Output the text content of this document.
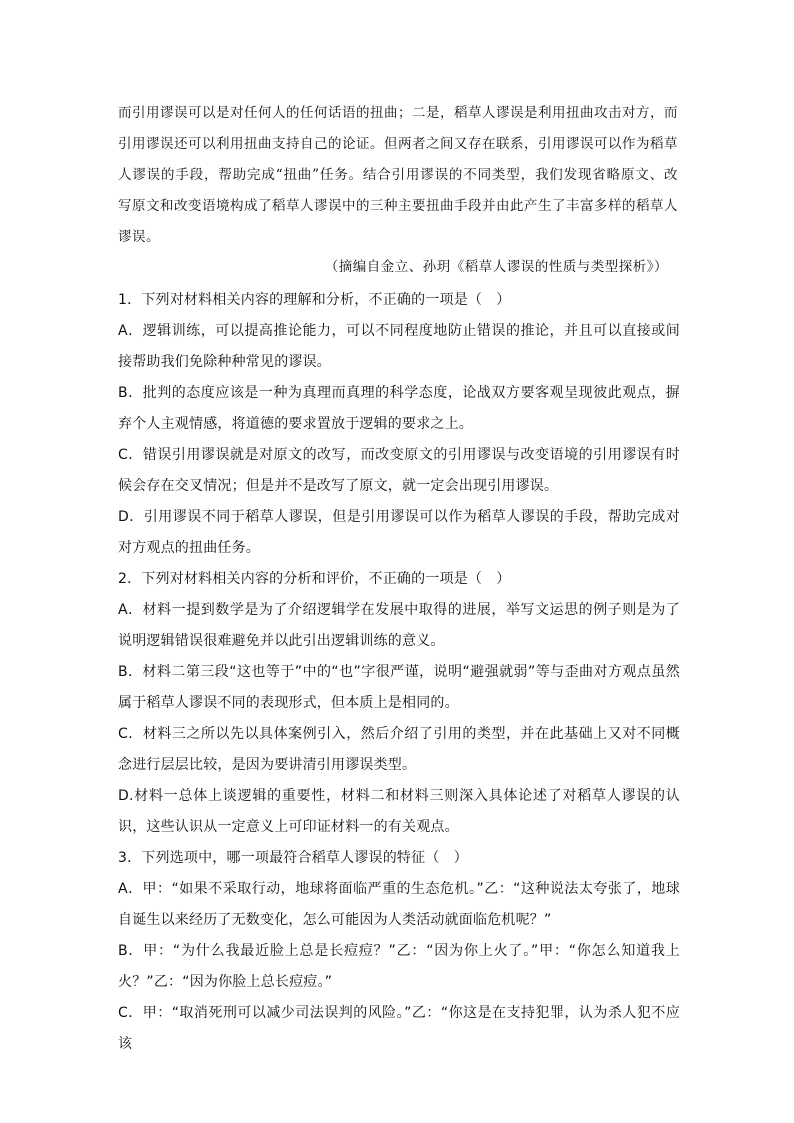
而引用谬误可以是对任何人的任何话语的扭曲；二是，稻草人谬误是利用扭曲攻击对方，而引用谬误还可以利用扭曲支持自己的论证。但两者之间又存在联系，引用谬误可以作为稻草人谬误的手段，帮助完成“扭曲”任务。结合引用谬误的不同类型，我们发现省略原文、改写原文和改变语境构成了稻草人谬误中的三种主要扭曲手段并由此产生了丰富多样的稻草人谬误。

（摘编自金立、孙玥《稻草人谬误的性质与类型探析》）

1．下列对材料相关内容的理解和分析，不正确的一项是（　）

A．逻辑训练，可以提高推论能力，可以不同程度地防止错误的推论，并且可以直接或间接帮助我们免除种种常见的谬误。

B．批判的态度应该是一种为真理而真理的科学态度，论战双方要客观呈现彼此观点，摒弃个人主观情感，将道德的要求置放于逻辑的要求之上。

C．错误引用谬误就是对原文的改写，而改变原文的引用谬误与改变语境的引用谬误有时候会存在交叉情况；但是并不是改写了原文，就一定会出现引用谬误。

D．引用谬误不同于稻草人谬误，但是引用谬误可以作为稻草人谬误的手段，帮助完成对对方观点的扭曲任务。

2．下列对材料相关内容的分析和评价，不正确的一项是（　）

A．材料一提到数学是为了介绍逻辑学在发展中取得的进展，举写文运思的例子则是为了说明逻辑错误很难避免并以此引出逻辑训练的意义。

B．材料二第三段“这也等于”中的“也”字很严谨，说明“避强就弱”等与歪曲对方观点虽然属于稻草人谬误不同的表现形式，但本质上是相同的。

C．材料三之所以先以具体案例引入，然后介绍了引用的类型，并在此基础上又对不同概念进行层层比较，是因为要讲清引用谬误类型。

D.材料一总体上谈逻辑的重要性，材料二和材料三则深入具体论述了对稻草人谬误的认识，这些认识从一定意义上可印证材料一的有关观点。

3．下列选项中，哪一项最符合稻草人谬误的特征（　）

A．甲：“如果不采取行动，地球将面临严重的生态危机。”乙：“这种说法太夸张了，地球自诞生以来经历了无数变化，怎么可能因为人类活动就面临危机呢？”

B．甲：“为什么我最近脸上总是长痘痘？”乙：“因为你上火了。”甲：“你怎么知道我上火？”乙：“因为你脸上总长痘痘。”

C．甲：“取消死刑可以减少司法误判的风险。”乙：“你这是在支持犯罪，认为杀人犯不应该
